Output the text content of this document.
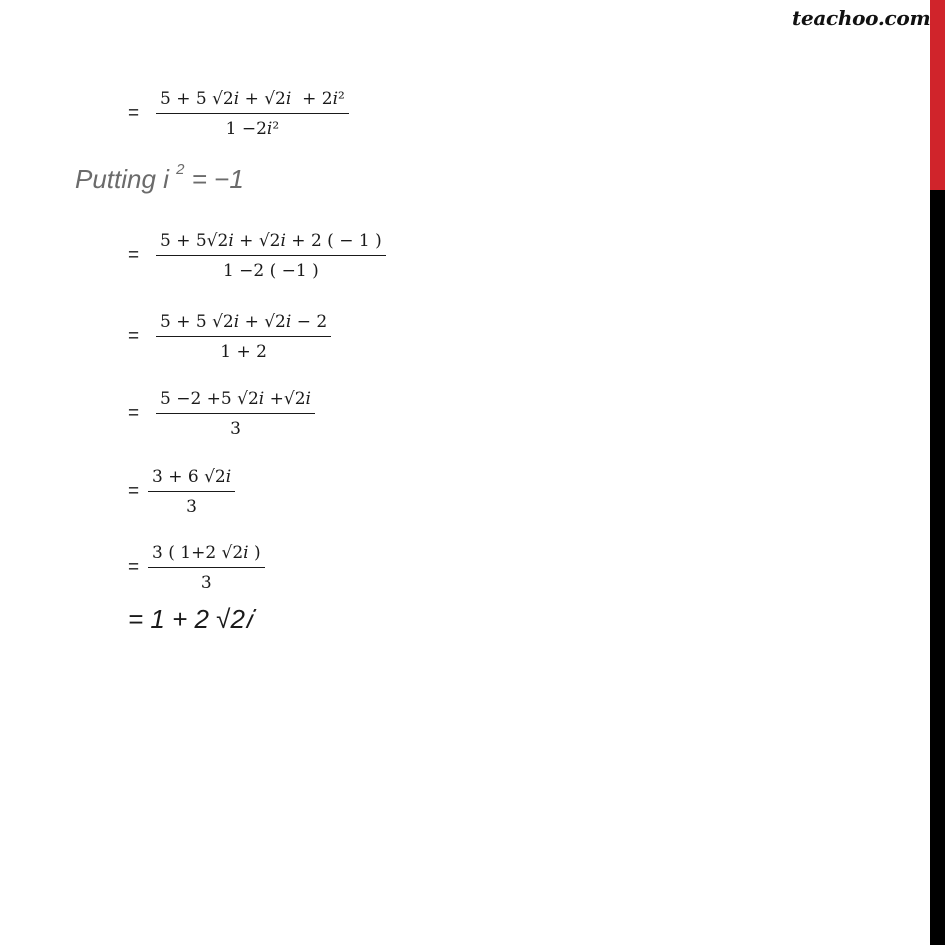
teachoo.com
Putting i $^2$ = −1
= $\frac{\text{5 + 5 √2𝑖 + √2𝑖  + 2𝑖²}}{\text{1 −2𝑖²}}$
= $\frac{\text{5 + 5√2𝑖 + √2𝑖 + 2 ( − 1 )}}{1 -2 ( -1 )}$
= $\frac{\text{5 + 5 √2𝑖 + √2𝑖 − 2}}{1 + 2}$
= $\frac{\text{5 −2 +5 √2𝑖 +√2𝑖}}{3}$
= $\frac{\text{3 + 6 √2𝑖}}{3}$
= $\frac{\text{3 ( 1+2 √2𝑖 )}}{3}$
= 1 + 2 √2𝑖
